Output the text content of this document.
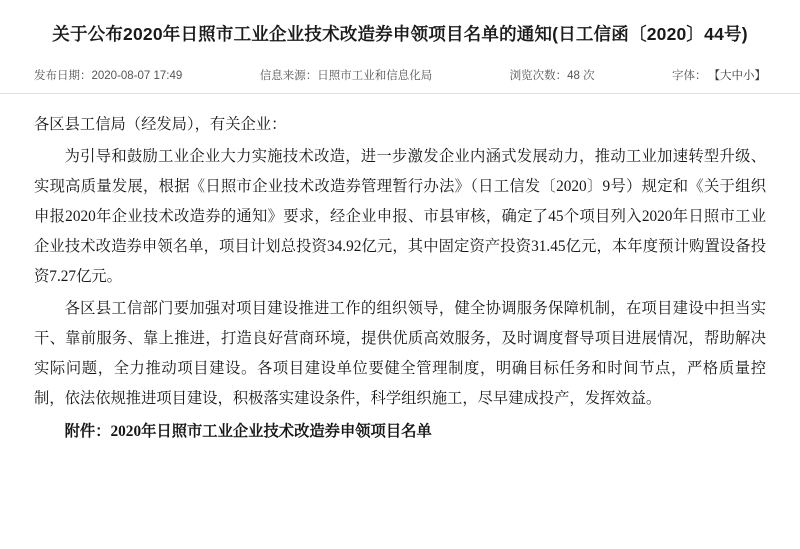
关于公布2020年日照市工业企业技术改造券申领项目名单的通知(日工信函〔2020〕44号)
发布日期：2020-08-07 17:49	信息来源：日照市工业和信息化局	浏览次数：48 次	字体： 【大中小】

各区县工信局（经发局），有关企业：

为引导和鼓励工业企业大力实施技术改造，进一步激发企业内涵式发展动力，推动工业加速转型升级、实现高质量发展，根据《日照市企业技术改造券管理暂行办法》（日工信发〔2020〕9号）规定和《关于组织申报2020年企业技术改造券的通知》要求，经企业申报、市县审核，确定了45个项目列入2020年日照市工业企业技术改造券申领名单，项目计划总投资34.92亿元，其中固定资产投资31.45亿元，本年度预计购置设备投资7.27亿元。

各区县工信部门要加强对项目建设推进工作的组织领导，健全协调服务保障机制，在项目建设中担当实干、靠前服务、靠上推进，打造良好营商环境，提供优质高效服务，及时调度督导项目进展情况，帮助解决实际问题，全力推动项目建设。各项目建设单位要健全管理制度，明确目标任务和时间节点，严格质量控制，依法依规推进项目建设，积极落实建设条件，科学组织施工，尽早建成投产，发挥效益。

附件：2020年日照市工业企业技术改造券申领项目名单
